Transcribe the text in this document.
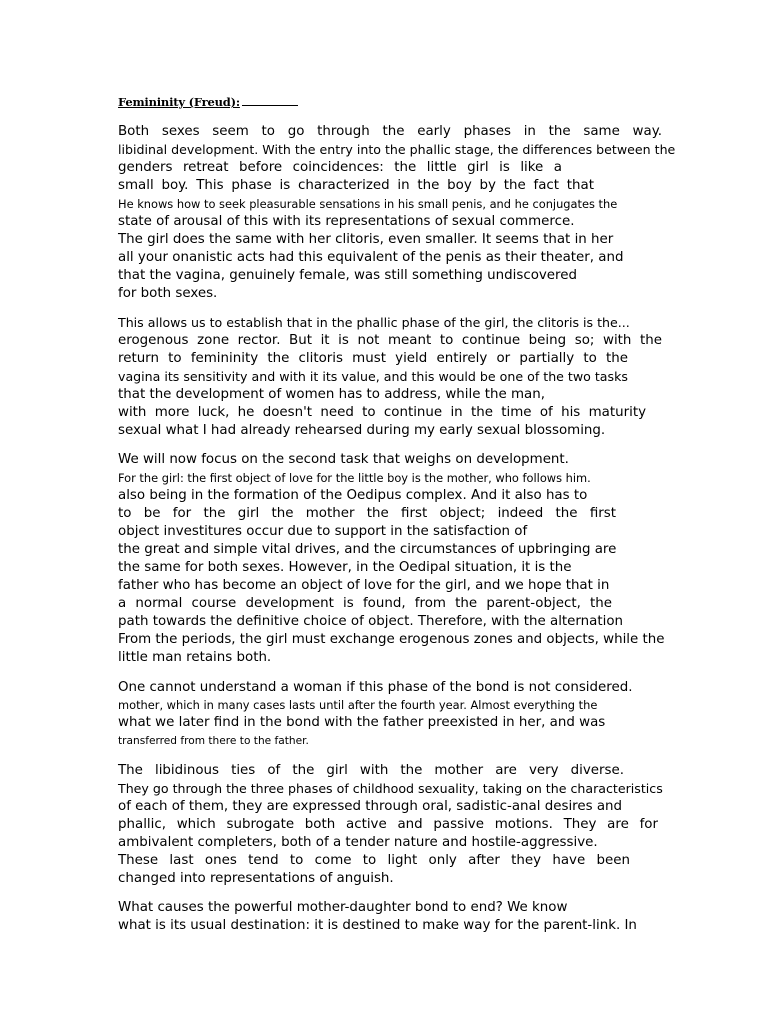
Femininity (Freud):
Both sexes seem to go through the early phases in the same way.
libidinal development. With the entry into the phallic stage, the differences between the
genders retreat before coincidences: the little girl is like a
small boy. This phase is characterized in the boy by the fact that
He knows how to seek pleasurable sensations in his small penis, and he conjugates the
state of arousal of this with its representations of sexual commerce.
The girl does the same with her clitoris, even smaller. It seems that in her
all your onanistic acts had this equivalent of the penis as their theater, and
that the vagina, genuinely female, was still something undiscovered
for both sexes.
This allows us to establish that in the phallic phase of the girl, the clitoris is the...
erogenous zone rector. But it is not meant to continue being so; with the
return to femininity the clitoris must yield entirely or partially to the
vagina its sensitivity and with it its value, and this would be one of the two tasks
that the development of women has to address, while the man,
with more luck, he doesn't need to continue in the time of his maturity
sexual what I had already rehearsed during my early sexual blossoming.
We will now focus on the second task that weighs on development.
For the girl: the first object of love for the little boy is the mother, who follows him.
also being in the formation of the Oedipus complex. And it also has to
to be for the girl the mother the first object; indeed the first
object investitures occur due to support in the satisfaction of
the great and simple vital drives, and the circumstances of upbringing are
the same for both sexes. However, in the Oedipal situation, it is the
father who has become an object of love for the girl, and we hope that in
a normal course development is found, from the parent-object, the
path towards the definitive choice of object. Therefore, with the alternation
From the periods, the girl must exchange erogenous zones and objects, while the
little man retains both.
One cannot understand a woman if this phase of the bond is not considered.
mother, which in many cases lasts until after the fourth year. Almost everything the
what we later find in the bond with the father preexisted in her, and was
transferred from there to the father.
The libidinous ties of the girl with the mother are very diverse.
They go through the three phases of childhood sexuality, taking on the characteristics
of each of them, they are expressed through oral, sadistic-anal desires and
phallic, which subrogate both active and passive motions. They are for
ambivalent completers, both of a tender nature and hostile-aggressive.
These last ones tend to come to light only after they have been
changed into representations of anguish.
What causes the powerful mother-daughter bond to end? We know
what is its usual destination: it is destined to make way for the parent-link. In
